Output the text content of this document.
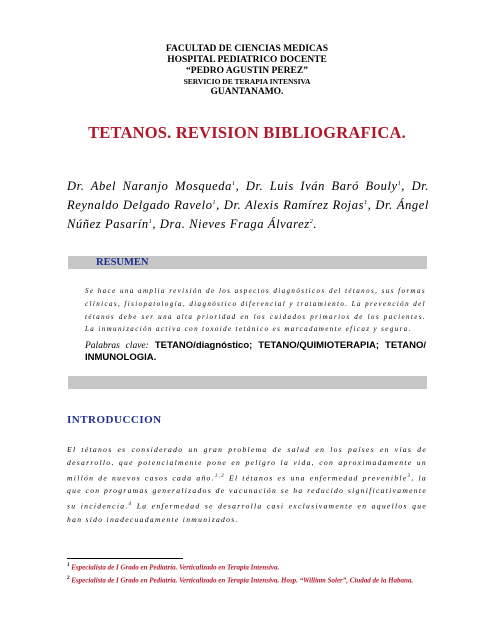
FACULTAD DE CIENCIAS MEDICAS
HOSPITAL PEDIATRICO DOCENTE
“PEDRO AGUSTIN PEREZ”
SERVICIO DE TERAPIA INTENSIVA
GUANTANAMO.
TETANOS. REVISION BIBLIOGRAFICA.
Dr. Abel Naranjo Mosqueda$^1$, Dr. Luis Iván Baró Bouly$^1$, Dr. Reynaldo Delgado Ravelo$^1$, Dr. Alexis Ramírez Rojas$^1$, Dr. Ángel Núñez Pasarín$^1$, Dra. Nieves Fraga Álvarez$^2$.
RESUMEN
Se hace una amplia revisión de los aspectos diagnósticos del tétanos, sus formas clínicas, fisiopatología, diagnóstico diferencial y tratamiento. La prevención del tétanos debe ser una alta prioridad en los cuidados primarios de los pacientes. La inmunización activa con toxoide tetánico es marcadamente eficaz y segura.
Palabras clave: TETANO/diagnóstico; TETANO/QUIMIOTERAPIA; TETANO/ INMUNOLOGIA.
INTRODUCCION
El tétanos es considerado un gran problema de salud en los países en vías de desarrollo, que potencialmente pone en peligro la vida, con aproximadamente un millón de nuevos casos cada año.$^{1,2}$ El tétanos es una enfermedad prevenible$^3$, la que con programas generalizados de vacunación se ha reducido significativamente su incidencia.$^4$ La enfermedad se desarrolla casi exclusivamente en aquellos que han sido inadecuadamente inmunizados.
$^1$ Especialista de I Grado en Pediatría. Verticalizado en Terapia Intensiva.
$^2$ Especialista de I Grado en Pediatría. Verticalizado en Terapia Intensiva. Hosp. “William Soler”, Ciudad de la Habana.
